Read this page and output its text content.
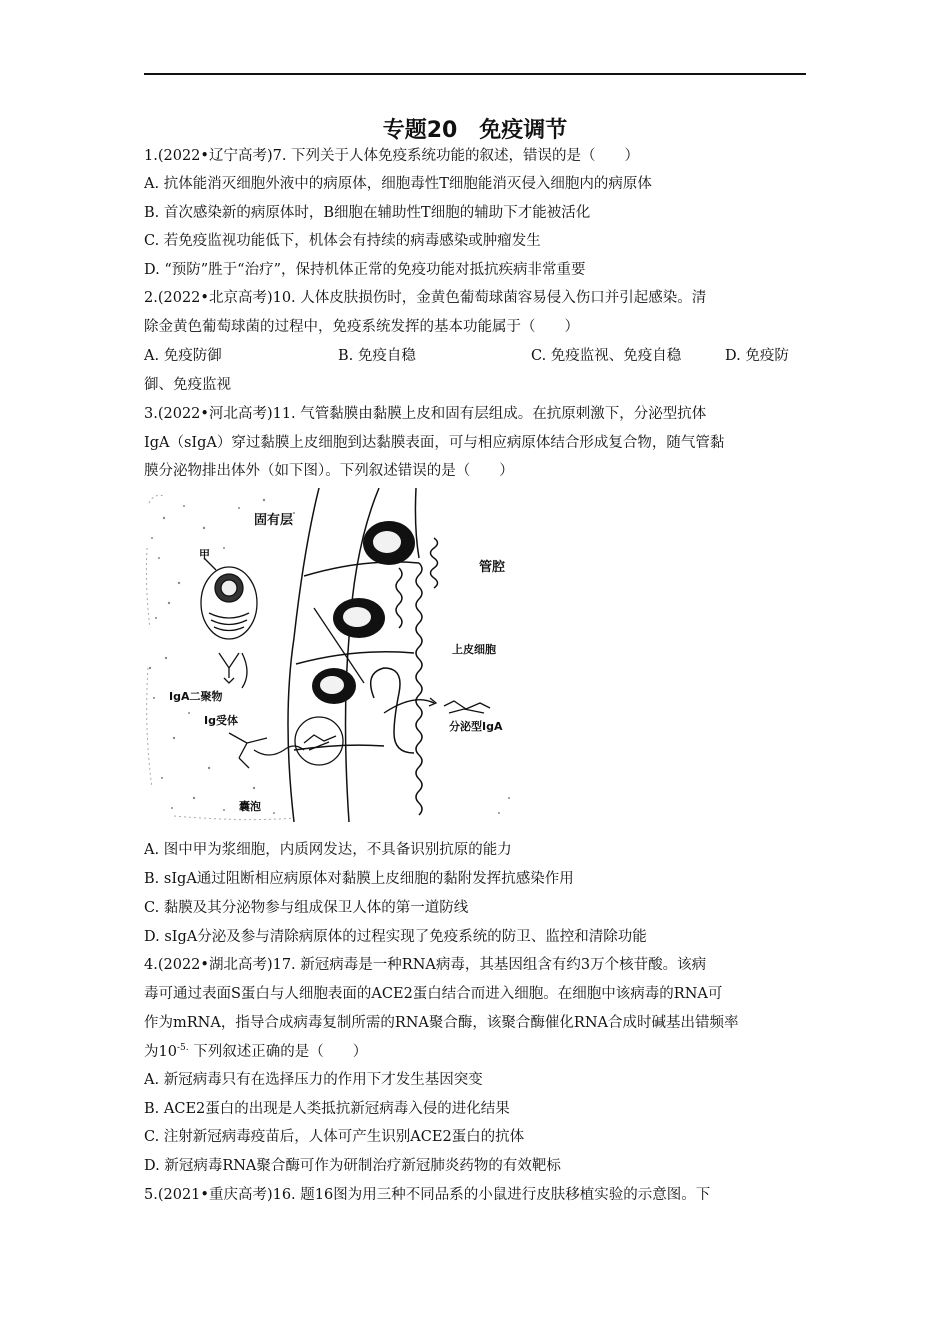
专题20　免疫调节
1.(2022•辽宁高考)7. 下列关于人体免疫系统功能的叙述，错误的是（　　）
A. 抗体能消灭细胞外液中的病原体，细胞毒性T细胞能消灭侵入细胞内的病原体
B. 首次感染新的病原体时，B细胞在辅助性T细胞的辅助下才能被活化
C. 若免疫监视功能低下，机体会有持续的病毒感染或肿瘤发生
D. “预防”胜于“治疗”，保持机体正常的免疫功能对抵抗疾病非常重要
2.(2022•北京高考)10. 人体皮肤损伤时，金黄色葡萄球菌容易侵入伤口并引起感染。清
除金黄色葡萄球菌的过程中，免疫系统发挥的基本功能属于（　　）
A. 免疫防御	B. 免疫自稳	C. 免疫监视、免疫自稳	D. 免疫防
御、免疫监视
3.(2022•河北高考)11. 气管黏膜由黏膜上皮和固有层组成。在抗原刺激下，分泌型抗体
IgA（sIgA）穿过黏膜上皮细胞到达黏膜表面，可与相应病原体结合形成复合物，随气管黏
膜分泌物排出体外（如下图）。下列叙述错误的是（　　）
固有层
管腔
甲
上皮细胞
IgA二聚物
Ig受体
囊泡
分泌型IgA
A. 图中甲为浆细胞，内质网发达，不具备识别抗原的能力
B. sIgA通过阻断相应病原体对黏膜上皮细胞的黏附发挥抗感染作用
C. 黏膜及其分泌物参与组成保卫人体的第一道防线
D. sIgA分泌及参与清除病原体的过程实现了免疫系统的防卫、监控和清除功能
4.(2022•湖北高考)17. 新冠病毒是一种RNA病毒，其基因组含有约3万个核苷酸。该病
毒可通过表面S蛋白与人细胞表面的ACE2蛋白结合而进入细胞。在细胞中该病毒的RNA可
作为mRNA，指导合成病毒复制所需的RNA聚合酶，该聚合酶催化RNA合成时碱基出错频率
为$10^{-5.}$ 下列叙述正确的是（　　）
A. 新冠病毒只有在选择压力的作用下才发生基因突变
B. ACE2蛋白的出现是人类抵抗新冠病毒入侵的进化结果
C. 注射新冠病毒疫苗后，人体可产生识别ACE2蛋白的抗体
D. 新冠病毒RNA聚合酶可作为研制治疗新冠肺炎药物的有效靶标
5.(2021•重庆高考)16. 题16图为用三种不同品系的小鼠进行皮肤移植实验的示意图。下
